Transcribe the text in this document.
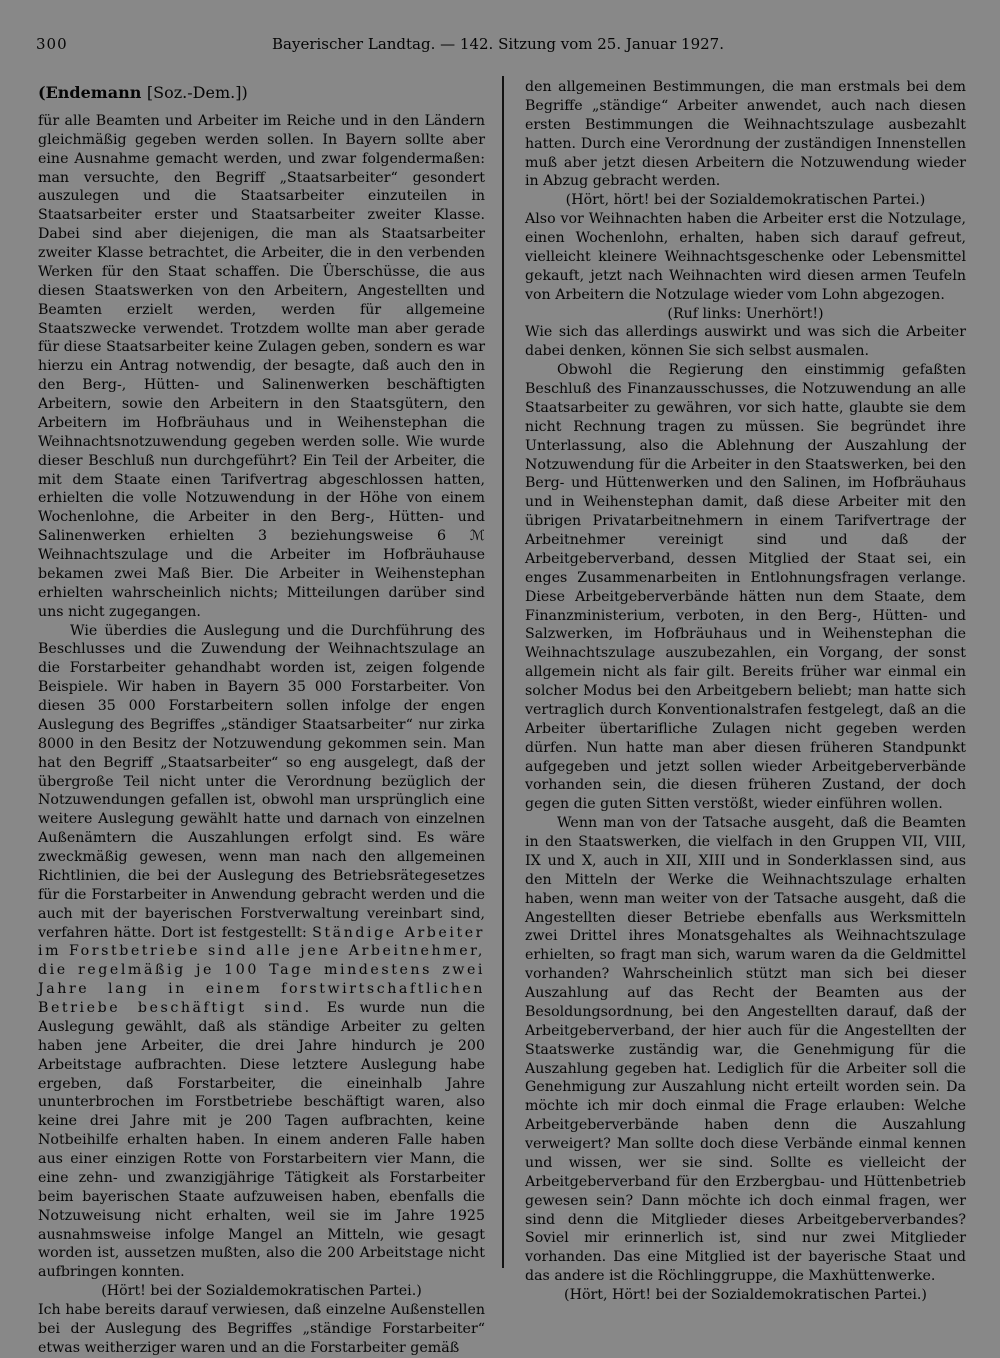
300	Bayerischer Landtag. — 142. Sitzung vom 25. Januar 1927.
(Endemann [Soz.-Dem.])

für alle Beamten und Arbeiter im Reiche und in den Ländern gleichmäßig gegeben werden sollen. In Bayern sollte aber eine Ausnahme gemacht werden, und zwar folgendermaßen: man versuchte, den Begriff „Staatsarbeiter“ gesondert auszulegen und die Staatsarbeiter einzuteilen in Staatsarbeiter erster und Staatsarbeiter zweiter Klasse. Dabei sind aber diejenigen, die man als Staatsarbeiter zweiter Klasse betrachtet, die Arbeiter, die in den verbenden Werken für den Staat schaffen. Die Überschüsse, die aus diesen Staatswerken von den Arbeitern, Angestellten und Beamten erzielt werden, werden für allgemeine Staatszwecke verwendet. Trotzdem wollte man aber gerade für diese Staatsarbeiter keine Zulagen geben, sondern es war hierzu ein Antrag notwendig, der besagte, daß auch den in den Berg-, Hütten- und Salinenwerken beschäftigten Arbeitern, sowie den Arbeitern in den Staatsgütern, den Arbeitern im Hofbräuhaus und in Weihenstephan die Weihnachtsnotzuwendung gegeben werden solle. Wie wurde dieser Beschluß nun durchgeführt? Ein Teil der Arbeiter, die mit dem Staate einen Tarifvertrag abgeschlossen hatten, erhielten die volle Notzuwendung in der Höhe von einem Wochenlohne, die Arbeiter in den Berg-, Hütten- und Salinenwerken erhielten 3 beziehungsweise 6 ℳ Weihnachtszulage und die Arbeiter im Hofbräuhause bekamen zwei Maß Bier. Die Arbeiter in Weihenstephan erhielten wahrscheinlich nichts; Mitteilungen darüber sind uns nicht zugegangen.

Wie überdies die Auslegung und die Durchführung des Beschlusses und die Zuwendung der Weihnachtszulage an die Forstarbeiter gehandhabt worden ist, zeigen folgende Beispiele. Wir haben in Bayern 35 000 Forstarbeiter. Von diesen 35 000 Forstarbeitern sollen infolge der engen Auslegung des Begriffes „ständiger Staatsarbeiter“ nur zirka 8000 in den Besitz der Notzuwendung gekommen sein. Man hat den Begriff „Staatsarbeiter“ so eng ausgelegt, daß der übergroße Teil nicht unter die Verordnung bezüglich der Notzuwendungen gefallen ist, obwohl man ursprünglich eine weitere Auslegung gewählt hatte und darnach von einzelnen Außenämtern die Auszahlungen erfolgt sind. Es wäre zweckmäßig gewesen, wenn man nach den allgemeinen Richtlinien, die bei der Auslegung des Betriebsrätegesetzes für die Forstarbeiter in Anwendung gebracht werden und die auch mit der bayerischen Forstverwaltung vereinbart sind, verfahren hätte. Dort ist festgestellt: Ständige Arbeiter im Forstbetriebe sind alle jene Arbeitnehmer, die regelmäßig je 100 Tage mindestens zwei Jahre lang in einem forstwirtschaftlichen Betriebe beschäftigt sind. Es wurde nun die Auslegung gewählt, daß als ständige Arbeiter zu gelten haben jene Arbeiter, die drei Jahre hindurch je 200 Arbeitstage aufbrachten. Diese letztere Auslegung habe ergeben, daß Forstarbeiter, die eineinhalb Jahre ununterbrochen im Forstbetriebe beschäftigt waren, also keine drei Jahre mit je 200 Tagen aufbrachten, keine Notbeihilfe erhalten haben. In einem anderen Falle haben aus einer einzigen Rotte von Forstarbeitern vier Mann, die eine zehn- und zwanzigjährige Tätigkeit als Forstarbeiter beim bayerischen Staate aufzuweisen haben, ebenfalls die Notzuweisung nicht erhalten, weil sie im Jahre 1925 ausnahmsweise infolge Mangel an Mitteln, wie gesagt worden ist, aussetzen mußten, also die 200 Arbeitstage nicht aufbringen konnten.

(Hört! bei der Sozialdemokratischen Partei.)

Ich habe bereits darauf verwiesen, daß einzelne Außenstellen bei der Auslegung des Begriffes „ständige Forstarbeiter“ etwas weitherziger waren und an die Forstarbeiter gemäß

den allgemeinen Bestimmungen, die man erstmals bei dem Begriffe „ständige“ Arbeiter anwendet, auch nach diesen ersten Bestimmungen die Weihnachtszulage ausbezahlt hatten. Durch eine Verordnung der zuständigen Innenstellen muß aber jetzt diesen Arbeitern die Notzuwendung wieder in Abzug gebracht werden.

(Hört, hört! bei der Sozialdemokratischen Partei.)

Also vor Weihnachten haben die Arbeiter erst die Notzulage, einen Wochenlohn, erhalten, haben sich darauf gefreut, vielleicht kleinere Weihnachtsgeschenke oder Lebensmittel gekauft, jetzt nach Weihnachten wird diesen armen Teufeln von Arbeitern die Notzulage wieder vom Lohn abgezogen.

(Ruf links: Unerhört!)

Wie sich das allerdings auswirkt und was sich die Arbeiter dabei denken, können Sie sich selbst ausmalen.

Obwohl die Regierung den einstimmig gefaßten Beschluß des Finanzausschusses, die Notzuwendung an alle Staatsarbeiter zu gewähren, vor sich hatte, glaubte sie dem nicht Rechnung tragen zu müssen. Sie begründet ihre Unterlassung, also die Ablehnung der Auszahlung der Notzuwendung für die Arbeiter in den Staatswerken, bei den Berg- und Hüttenwerken und den Salinen, im Hofbräuhaus und in Weihenstephan damit, daß diese Arbeiter mit den übrigen Privatarbeitnehmern in einem Tarifvertrage der Arbeitnehmer vereinigt sind und daß der Arbeitgeberverband, dessen Mitglied der Staat sei, ein enges Zusammenarbeiten in Entlohnungsfragen verlange. Diese Arbeitgeberverbände hätten nun dem Staate, dem Finanzministerium, verboten, in den Berg-, Hütten- und Salzwerken, im Hofbräuhaus und in Weihenstephan die Weihnachtszulage auszubezahlen, ein Vorgang, der sonst allgemein nicht als fair gilt. Bereits früher war einmal ein solcher Modus bei den Arbeitgebern beliebt; man hatte sich vertraglich durch Konventionalstrafen festgelegt, daß an die Arbeiter übertarifliche Zulagen nicht gegeben werden dürfen. Nun hatte man aber diesen früheren Standpunkt aufgegeben und jetzt sollen wieder Arbeitgeberverbände vorhanden sein, die diesen früheren Zustand, der doch gegen die guten Sitten verstößt, wieder einführen wollen.

Wenn man von der Tatsache ausgeht, daß die Beamten in den Staatswerken, die vielfach in den Gruppen VII, VIII, IX und X, auch in XII, XIII und in Sonderklassen sind, aus den Mitteln der Werke die Weihnachtszulage erhalten haben, wenn man weiter von der Tatsache ausgeht, daß die Angestellten dieser Betriebe ebenfalls aus Werksmitteln zwei Drittel ihres Monatsgehaltes als Weihnachtszulage erhielten, so fragt man sich, warum waren da die Geldmittel vorhanden? Wahrscheinlich stützt man sich bei dieser Auszahlung auf das Recht der Beamten aus der Besoldungsordnung, bei den Angestellten darauf, daß der Arbeitgeberverband, der hier auch für die Angestellten der Staatswerke zuständig war, die Genehmigung für die Auszahlung gegeben hat. Lediglich für die Arbeiter soll die Genehmigung zur Auszahlung nicht erteilt worden sein. Da möchte ich mir doch einmal die Frage erlauben: Welche Arbeitgeberverbände haben denn die Auszahlung verweigert? Man sollte doch diese Verbände einmal kennen und wissen, wer sie sind. Sollte es vielleicht der Arbeitgeberverband für den Erzbergbau- und Hüttenbetrieb gewesen sein? Dann möchte ich doch einmal fragen, wer sind denn die Mitglieder dieses Arbeitgeberverbandes? Soviel mir erinnerlich ist, sind nur zwei Mitglieder vorhanden. Das eine Mitglied ist der bayerische Staat und das andere ist die Röchlinggruppe, die Maxhüttenwerke.

(Hört, Hört! bei der Sozialdemokratischen Partei.)
